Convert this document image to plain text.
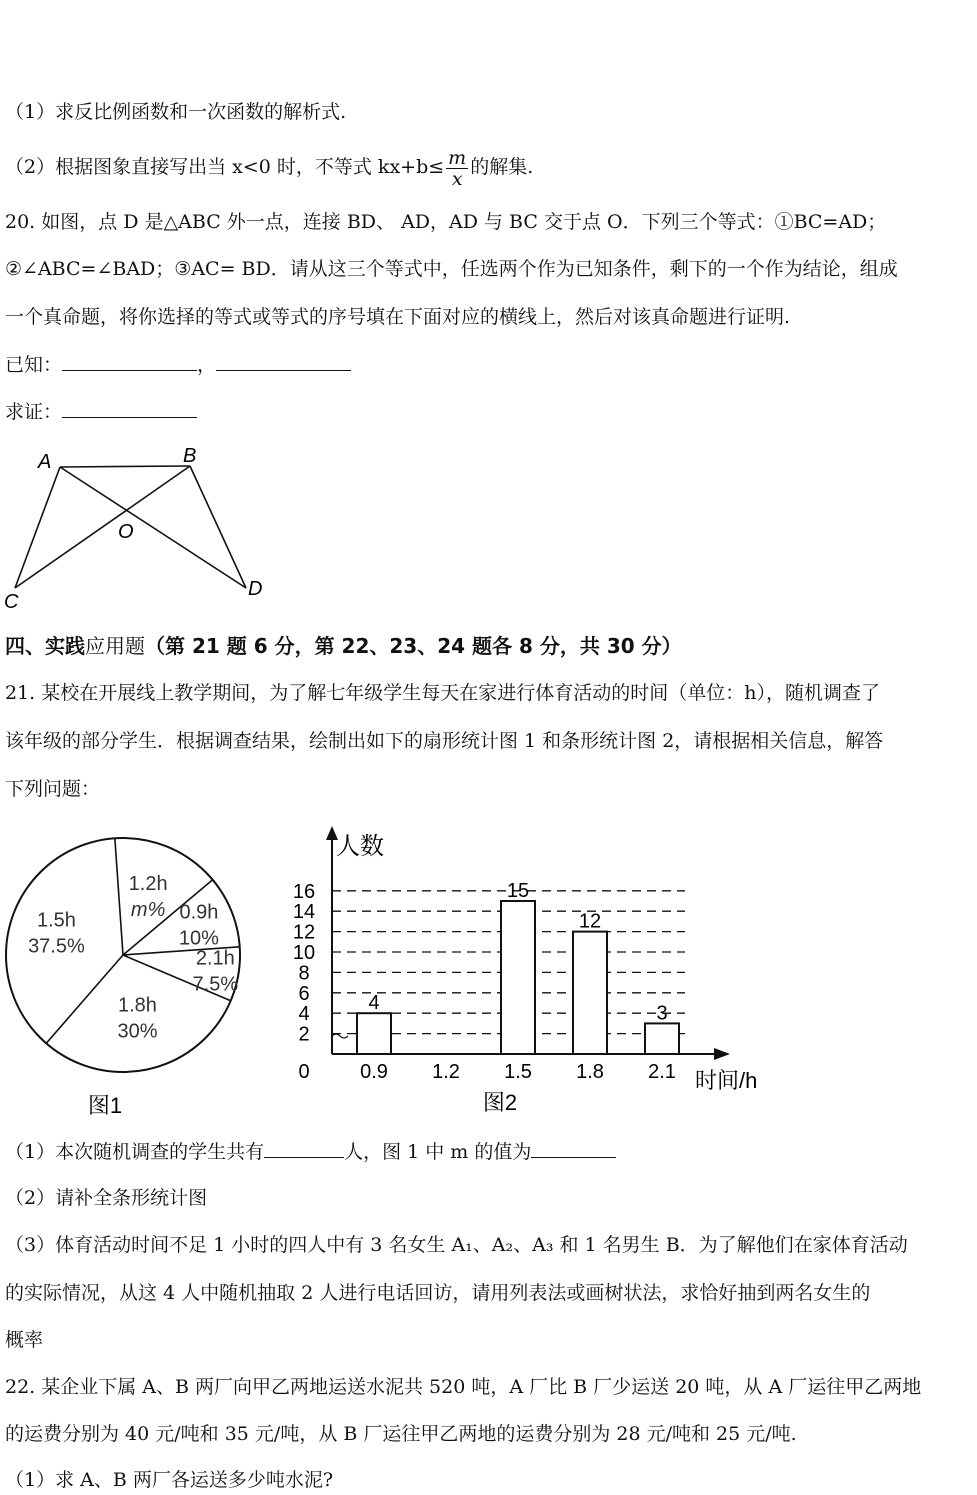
（1）求反比例函数和一次函数的解析式.
（2）根据图象直接写出当 x<0 时，不等式 $kx+b\le \frac{m}{x}$ 的解集.
20. 如图，点 D 是△ABC 外一点，连接 BD、 AD，AD 与 BC 交于点 O．下列三个等式：①BC=AD；
②∠ABC=∠BAD；③AC= BD．请从这三个等式中，任选两个作为已知条件，剩下的一个作为结论，组成
一个真命题，将你选择的等式或等式的序号填在下面对应的横线上，然后对该真命题进行证明.
已知：	，
求证：
A	B
O
C
D
四、实践应用题（第 21 题 6 分，第 22、23、24 题各 8 分，共 30 分）
21. 某校在开展线上教学期间，为了解七年级学生每天在家进行体育活动的时间（单位：h），随机调查了
该年级的部分学生．根据调查结果，绘制出如下的扇形统计图 1 和条形统计图 2，请根据相关信息，解答
下列问题：
1.5h
37.5%
1.2h
m% 0.9h
10%
2.1h
7.5%
1.8h
30%
图1
人数
时间/h
0
2
4
6
8
10
12
14
16
0.9
4
1.2 1.5
15
1.8
12
2.1
3
图2
（1）本次随机调查的学生共有	人，图 1 中 m 的值为
（2）请补全条形统计图
（3）体育活动时间不足 1 小时的四人中有 3 名女生 A₁、A₂、A₃ 和 1 名男生 B．为了解他们在家体育活动
的实际情况，从这 4 人中随机抽取 2 人进行电话回访，请用列表法或画树状法，求恰好抽到两名女生的
概率
22. 某企业下属 A、B 两厂向甲乙两地运送水泥共 520 吨，A 厂比 B 厂少运送 20 吨，从 A 厂运往甲乙两地
的运费分别为 40 元/吨和 35 元/吨，从 B 厂运往甲乙两地的运费分别为 28 元/吨和 25 元/吨.
（1）求 A、B 两厂各运送多少吨水泥?
